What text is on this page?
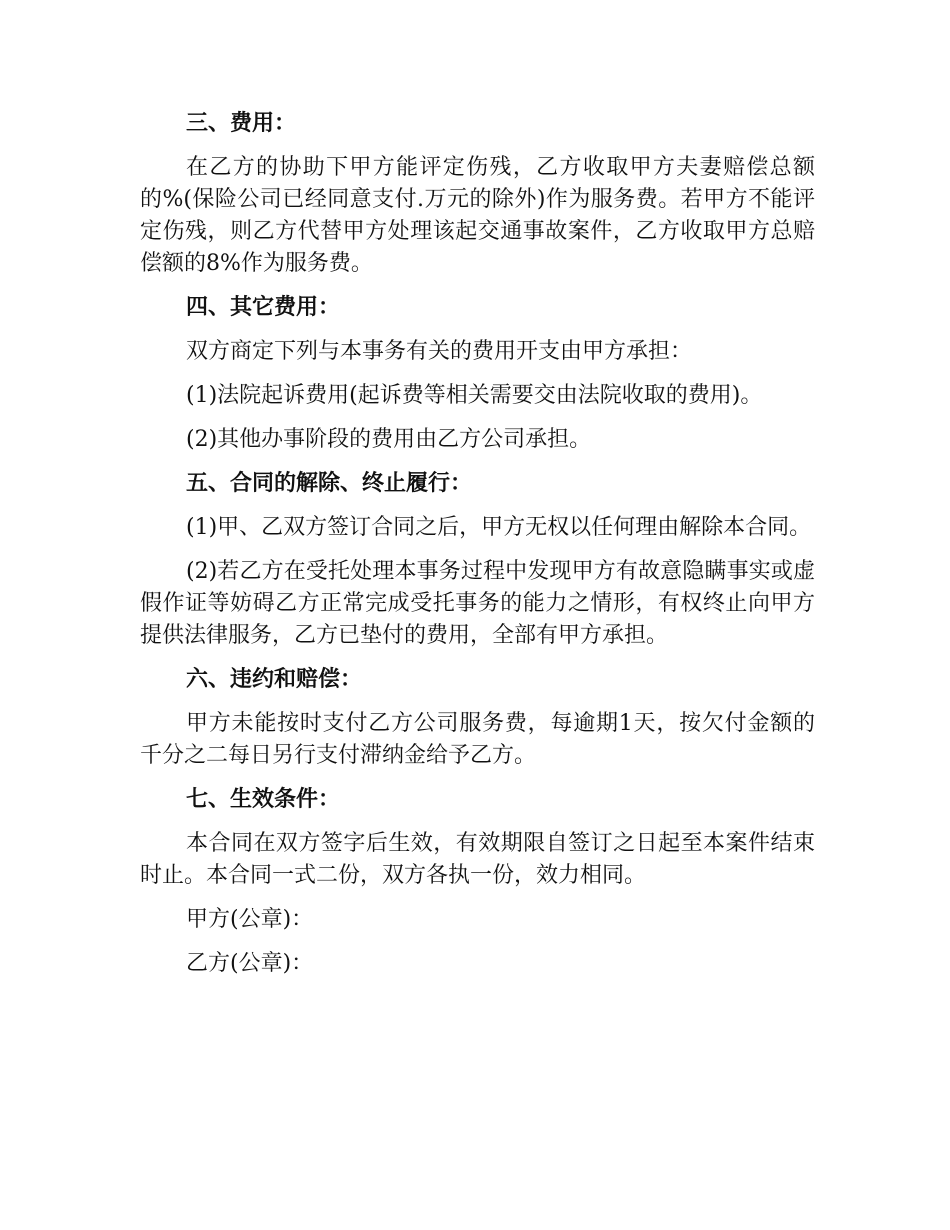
三、费用：

在乙方的协助下甲方能评定伤残，乙方收取甲方夫妻赔偿总额的%(保险公司已经同意支付.万元的除外)作为服务费。若甲方不能评定伤残，则乙方代替甲方处理该起交通事故案件，乙方收取甲方总赔偿额的8%作为服务费。

四、其它费用：

双方商定下列与本事务有关的费用开支由甲方承担：

(1)法院起诉费用(起诉费等相关需要交由法院收取的费用)。

(2)其他办事阶段的费用由乙方公司承担。

五、合同的解除、终止履行：

(1)甲、乙双方签订合同之后，甲方无权以任何理由解除本合同。

(2)若乙方在受托处理本事务过程中发现甲方有故意隐瞒事实或虚假作证等妨碍乙方正常完成受托事务的能力之情形，有权终止向甲方提供法律服务，乙方已垫付的费用，全部有甲方承担。

六、违约和赔偿：

甲方未能按时支付乙方公司服务费，每逾期1天，按欠付金额的千分之二每日另行支付滞纳金给予乙方。

七、生效条件：

本合同在双方签字后生效，有效期限自签订之日起至本案件结束时止。本合同一式二份，双方各执一份，效力相同。

甲方(公章)：

乙方(公章)：
